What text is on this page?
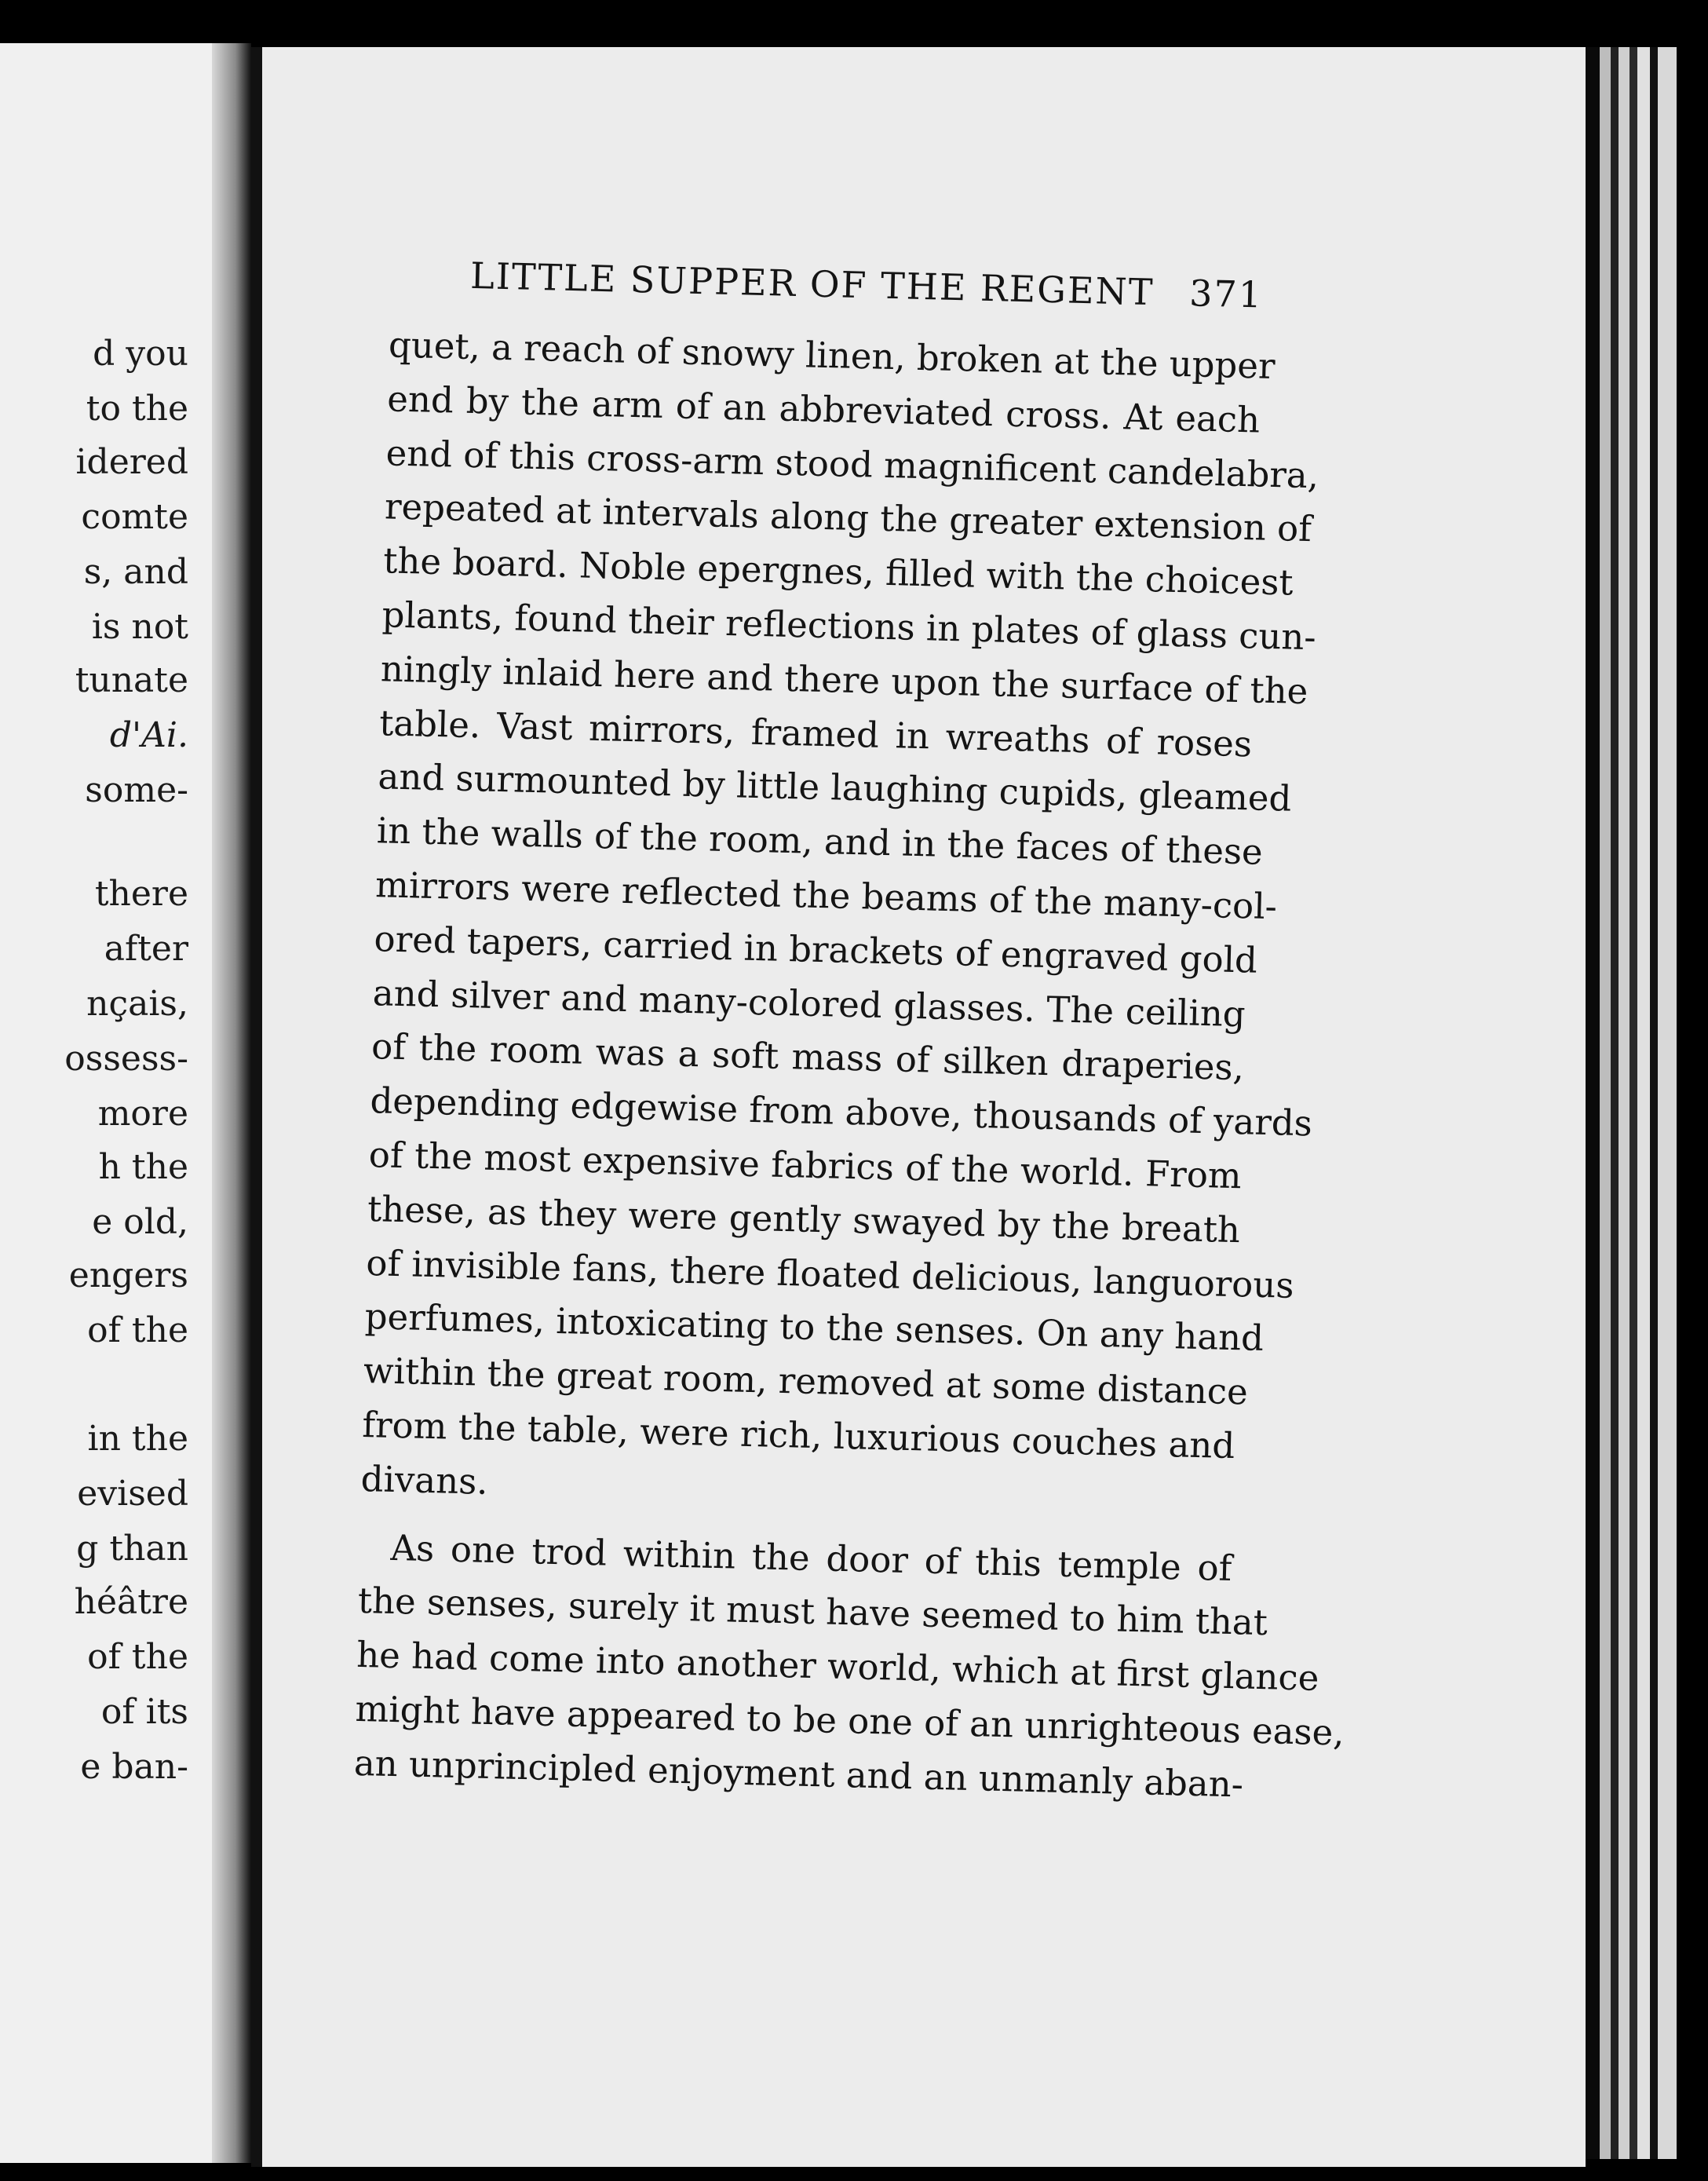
d you
to the
idered
comte
s, and
is not
tunate
d'Ai.
some-
there
after
nçais,
ossess-
more
h the
e old,
engers
of the
in the
evised
g than
héâtre
of the
of its
e ban-
LITTLE SUPPER OF THE REGENT 371
quet, a reach of snowy linen, broken at the upper
end by the arm of an abbreviated cross. At each
end of this cross-arm stood magnificent candelabra,
repeated at intervals along the greater extension of
the board. Noble epergnes, filled with the choicest
plants, found their reflections in plates of glass cun-
ningly inlaid here and there upon the surface of the
table. Vast mirrors, framed in wreaths of roses
and surmounted by little laughing cupids, gleamed
in the walls of the room, and in the faces of these
mirrors were reflected the beams of the many-col-
ored tapers, carried in brackets of engraved gold
and silver and many-colored glasses. The ceiling
of the room was a soft mass of silken draperies,
depending edgewise from above, thousands of yards
of the most expensive fabrics of the world. From
these, as they were gently swayed by the breath
of invisible fans, there floated delicious, languorous
perfumes, intoxicating to the senses. On any hand
within the great room, removed at some distance
from the table, were rich, luxurious couches and
divans.
As one trod within the door of this temple of
the senses, surely it must have seemed to him that
he had come into another world, which at first glance
might have appeared to be one of an unrighteous ease,
an unprincipled enjoyment and an unmanly aban-
